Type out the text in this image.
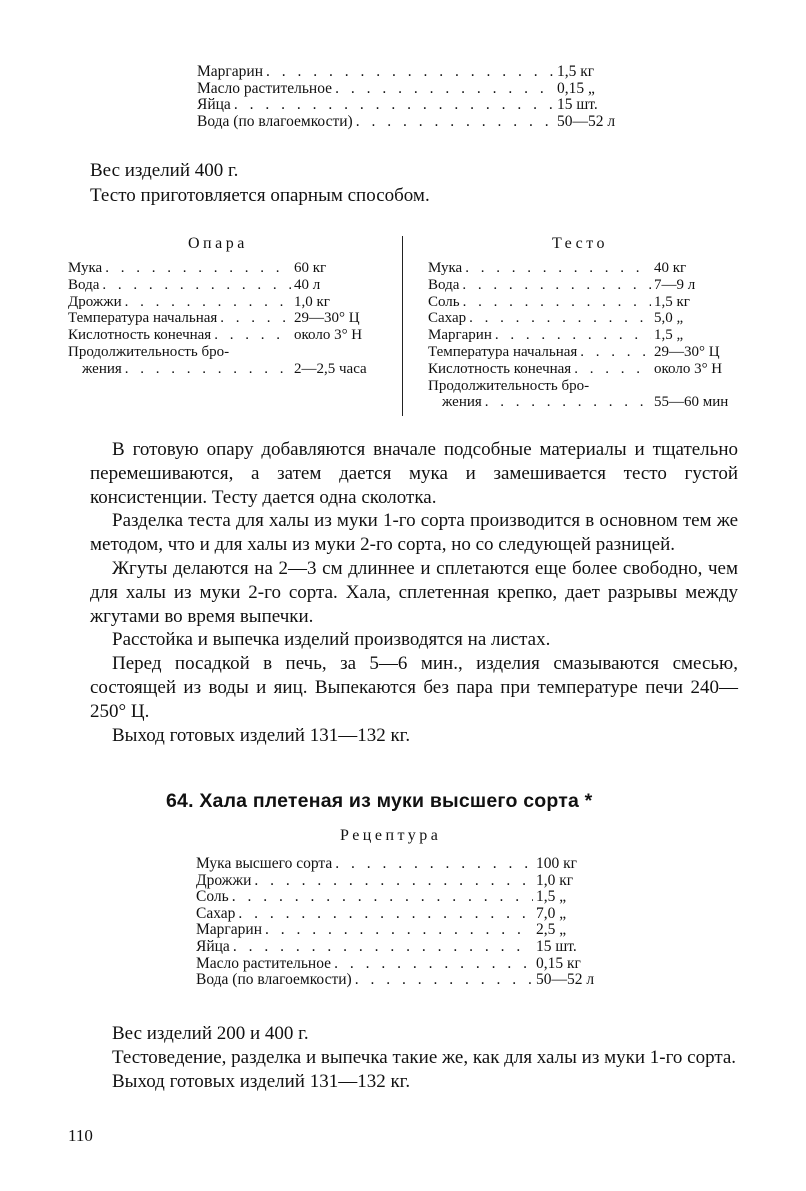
Маргарин . . .	1,5 кг
Масло растительное . . .	0,15 „
Яйца . . .	15 шт.
Вода (по влагоемкости) . . .	50—52 л
Вес изделий 400 г.
Тесто приготовляется опарным способом.
Опара	Тесто
Мука . . .	60 кг
Вода . . .	40 л
Дрожжи . . .	1,0 кг
Температура начальная . . .	29—30° Ц
Кислотность конечная . . .	около 3° Н
Продолжительность бро-
жения . . .	2—2,5 часа
Мука . . .	40 кг
Вода . . .	7—9 л
Соль . . .	1,5 кг
Сахар . . .	5,0 „
Маргарин . . .	1,5 „
Температура начальная . . .	29—30° Ц
Кислотность конечная . . .	около 3° Н
Продолжительность бро-
жения . . .	55—60 мин

В готовую опару добавляются вначале подсобные материалы и тщательно перемешиваются, а затем дается мука и замешивается тесто густой консистенции. Тесту дается одна сколотка.

Разделка теста для халы из муки 1-го сорта производится в основном тем же методом, что и для халы из муки 2-го сорта, но со следующей разницей.

Жгуты делаются на 2—3 см длиннее и сплетаются еще более свободно, чем для халы из муки 2-го сорта. Хала, сплетенная крепко, дает разрывы между жгутами во время выпечки.

Расстойка и выпечка изделий производятся на листах.

Перед посадкой в печь, за 5—6 мин., изделия смазываются смесью, состоящей из воды и яиц. Выпекаются без пара при температуре печи 240—250° Ц.

Выход готовых изделий 131—132 кг.

64. Хала плетеная из муки высшего сорта *
Рецептура
Мука высшего сорта . . .	100 кг
Дрожжи . . .	1,0 кг
Соль . . .	1,5 „
Сахар . . .	7,0 „
Маргарин . . .	2,5 „
Яйца . . .	15 шт.
Масло растительное . . .	0,15 кг
Вода (по влагоемкости) . . .	50—52 л

Вес изделий 200 и 400 г.

Тестоведение, разделка и выпечка такие же, как для халы из муки 1-го сорта.

Выход готовых изделий 131—132 кг.

110
